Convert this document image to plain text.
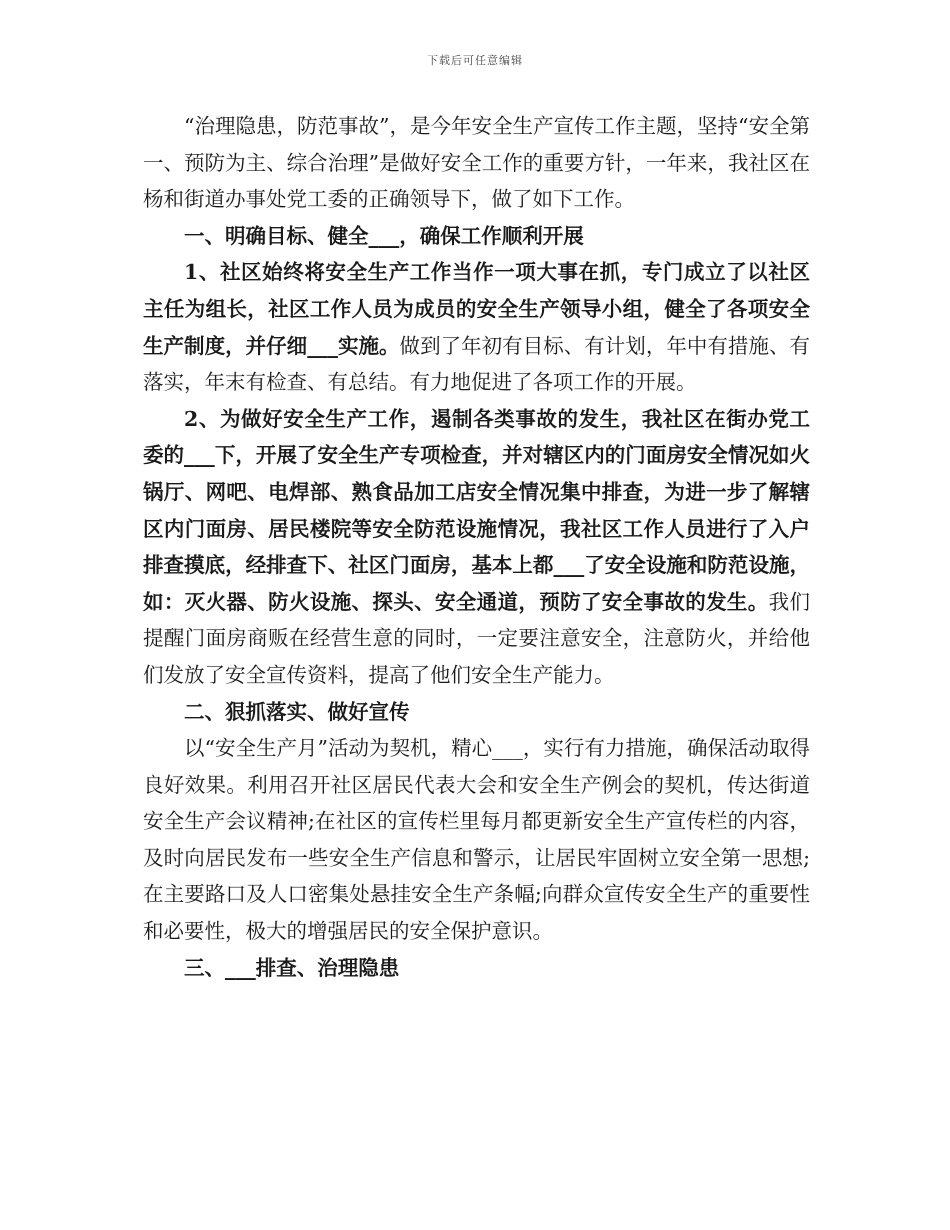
下载后可任意编辑

“治理隐患，防范事故”，是今年安全生产宣传工作主题，坚持“安全第一、预防为主、综合治理”是做好安全工作的重要方针，一年来，我社区在杨和街道办事处党工委的正确领导下，做了如下工作。

一、明确目标、健全___，确保工作顺利开展

1、社区始终将安全生产工作当作一项大事在抓，专门成立了以社区主任为组长，社区工作人员为成员的安全生产领导小组，健全了各项安全生产制度，并仔细___实施。做到了年初有目标、有计划，年中有措施、有落实，年末有检查、有总结。有力地促进了各项工作的开展。

2、为做好安全生产工作，遏制各类事故的发生，我社区在街办党工委的___下，开展了安全生产专项检查，并对辖区内的门面房安全情况如火锅厅、网吧、电焊部、熟食品加工店安全情况集中排查，为进一步了解辖区内门面房、居民楼院等安全防范设施情况，我社区工作人员进行了入户排查摸底，经排查下、社区门面房，基本上都___了安全设施和防范设施，如：灭火器、防火设施、探头、安全通道，预防了安全事故的发生。我们提醒门面房商贩在经营生意的同时，一定要注意安全，注意防火，并给他们发放了安全宣传资料，提高了他们安全生产能力。

二、狠抓落实、做好宣传

以“安全生产月”活动为契机，精心___，实行有力措施，确保活动取得良好效果。利用召开社区居民代表大会和安全生产例会的契机，传达街道安全生产会议精神;在社区的宣传栏里每月都更新安全生产宣传栏的内容，及时向居民发布一些安全生产信息和警示，让居民牢固树立安全第一思想;在主要路口及人口密集处悬挂安全生产条幅;向群众宣传安全生产的重要性和必要性，极大的增强居民的安全保护意识。

三、___排查、治理隐患
